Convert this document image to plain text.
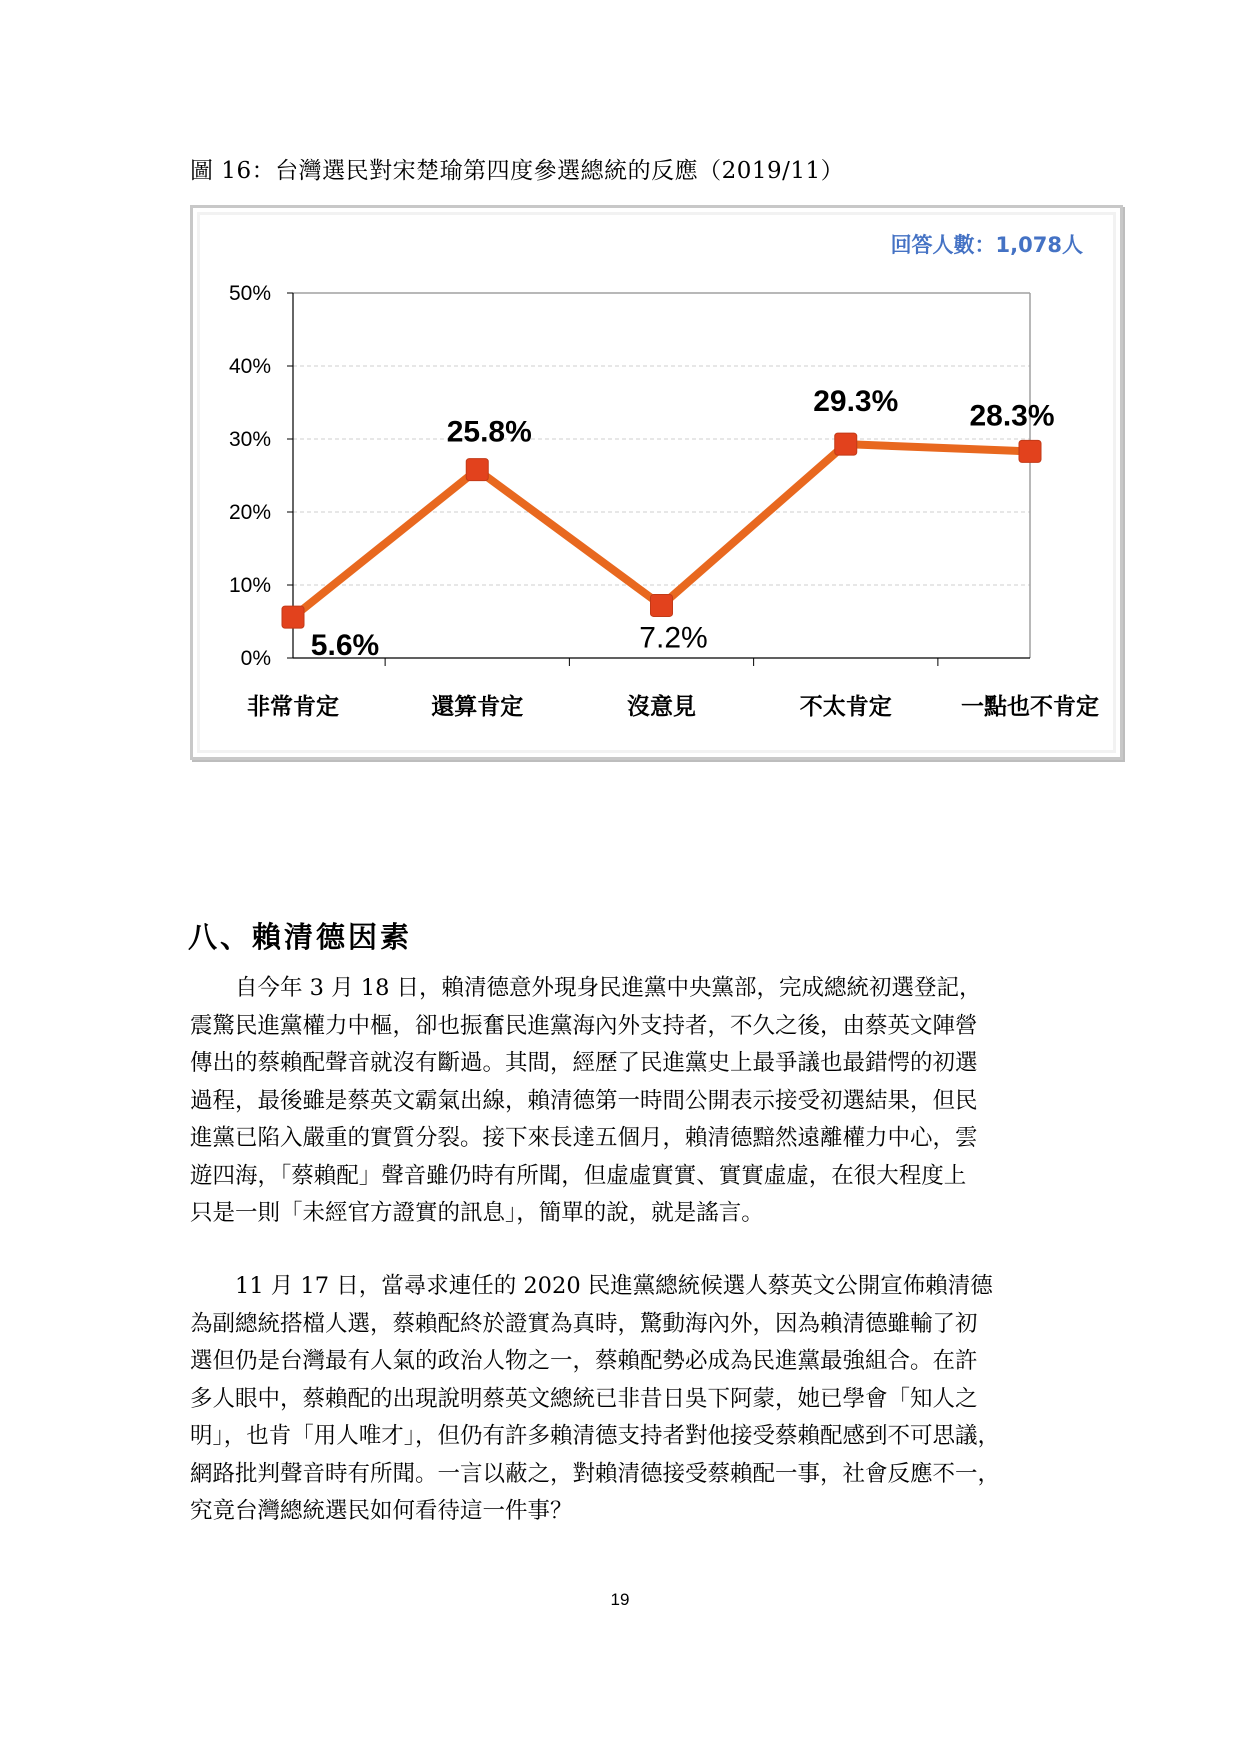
圖 16：台灣選民對宋楚瑜第四度參選總統的反應（2019/11）
回答人數：1,078人
0%
10%
20%
30%
40%
50%
非常肯定	還算肯定	沒意見	不太肯定	一點也不肯定
5.6%
25.8%
7.2%
29.3% 28.3%
八、賴清德因素
自今年 3 月 18 日，賴清德意外現身民進黨中央黨部，完成總統初選登記，
震驚民進黨權力中樞，卻也振奮民進黨海內外支持者，不久之後，由蔡英文陣營
傳出的蔡賴配聲音就沒有斷過。其間，經歷了民進黨史上最爭議也最錯愕的初選
過程，最後雖是蔡英文霸氣出線，賴清德第一時間公開表示接受初選結果，但民
進黨已陷入嚴重的實質分裂。接下來長達五個月，賴清德黯然遠離權力中心，雲
遊四海，「蔡賴配」聲音雖仍時有所聞，但虛虛實實、實實虛虛，在很大程度上
只是一則「未經官方證實的訊息」，簡單的說，就是謠言。
11 月 17 日，當尋求連任的 2020 民進黨總統候選人蔡英文公開宣佈賴清德
為副總統搭檔人選，蔡賴配終於證實為真時，驚動海內外，因為賴清德雖輸了初
選但仍是台灣最有人氣的政治人物之一，蔡賴配勢必成為民進黨最強組合。在許
多人眼中，蔡賴配的出現說明蔡英文總統已非昔日吳下阿蒙，她已學會「知人之
明」，也肯「用人唯才」，但仍有許多賴清德支持者對他接受蔡賴配感到不可思議，
網路批判聲音時有所聞。一言以蔽之，對賴清德接受蔡賴配一事，社會反應不一，
究竟台灣總統選民如何看待這一件事？
19
